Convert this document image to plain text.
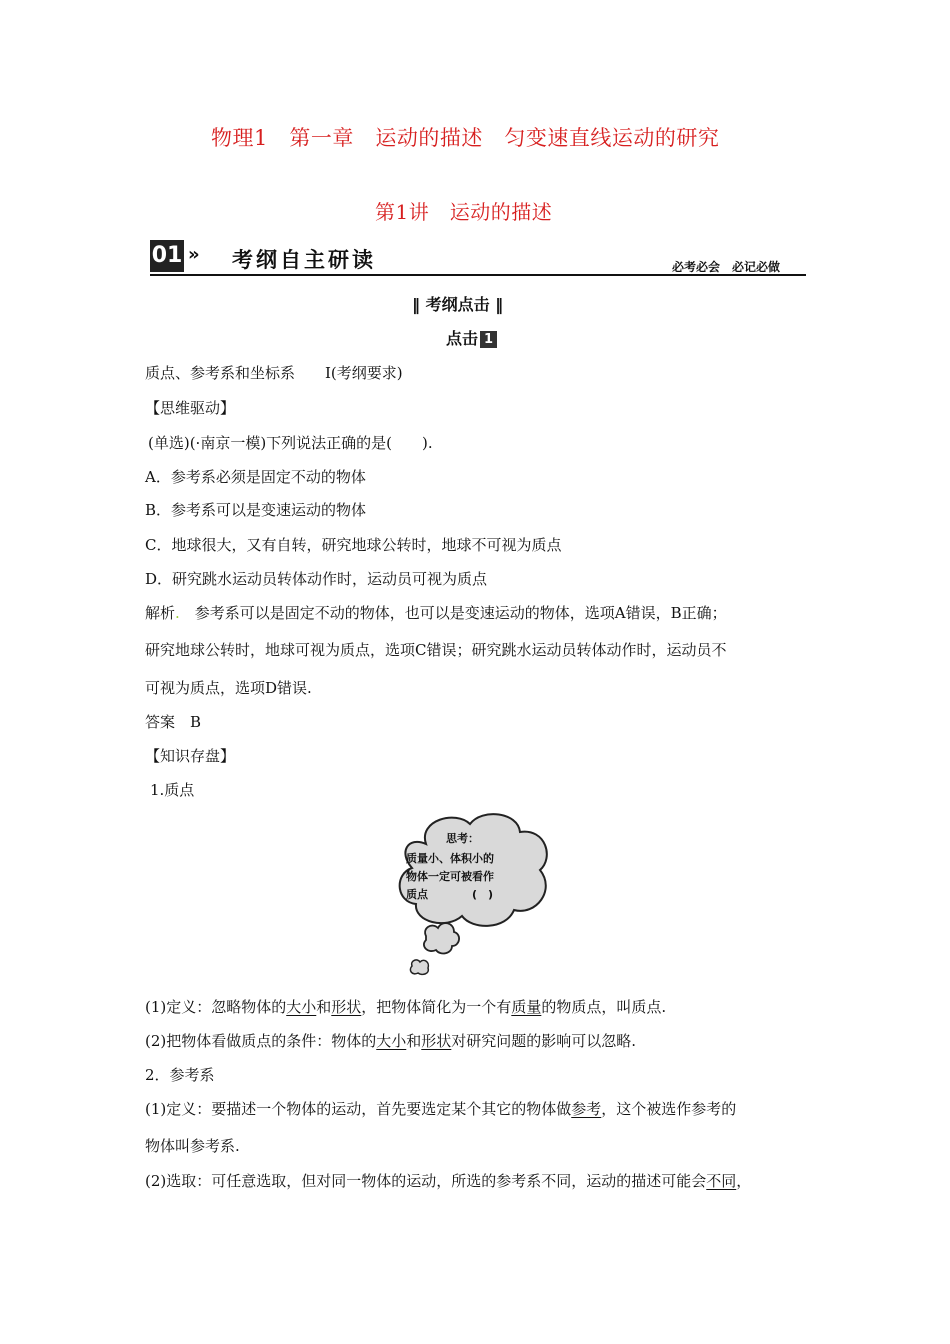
物理1　第一章　运动的描述　匀变速直线运动的研究
第1讲　运动的描述
01 » 考纲自主研读	必考必会　必记必做
‖ 考纲点击 ‖
点击 1
质点、参考系和坐标系　　Ⅰ(考纲要求)
【思维驱动】
(单选)(·南京一模)下列说法正确的是(　　).
A．参考系必须是固定不动的物体
B．参考系可以是变速运动的物体
C．地球很大，又有自转，研究地球公转时，地球不可视为质点
D．研究跳水运动员转体动作时，运动员可视为质点
解析.　参考系可以是固定不动的物体，也可以是变速运动的物体，选项A错误，B正确；
研究地球公转时，地球可视为质点，选项C错误；研究跳水运动员转体动作时，运动员不
可视为质点，选项D错误.
答案　B
【知识存盘】
1.质点
思考：
质量小、体积小的
物体一定可被看作
质点　　　　(　)
(1)定义：忽略物体的大小和形状，把物体简化为一个有质量的物质点，叫质点.
(2)把物体看做质点的条件：物体的大小和形状对研究问题的影响可以忽略.
2．参考系
(1)定义：要描述一个物体的运动，首先要选定某个其它的物体做参考，这个被选作参考的
物体叫参考系.
(2)选取：可任意选取，但对同一物体的运动，所选的参考系不同，运动的描述可能会不同，
